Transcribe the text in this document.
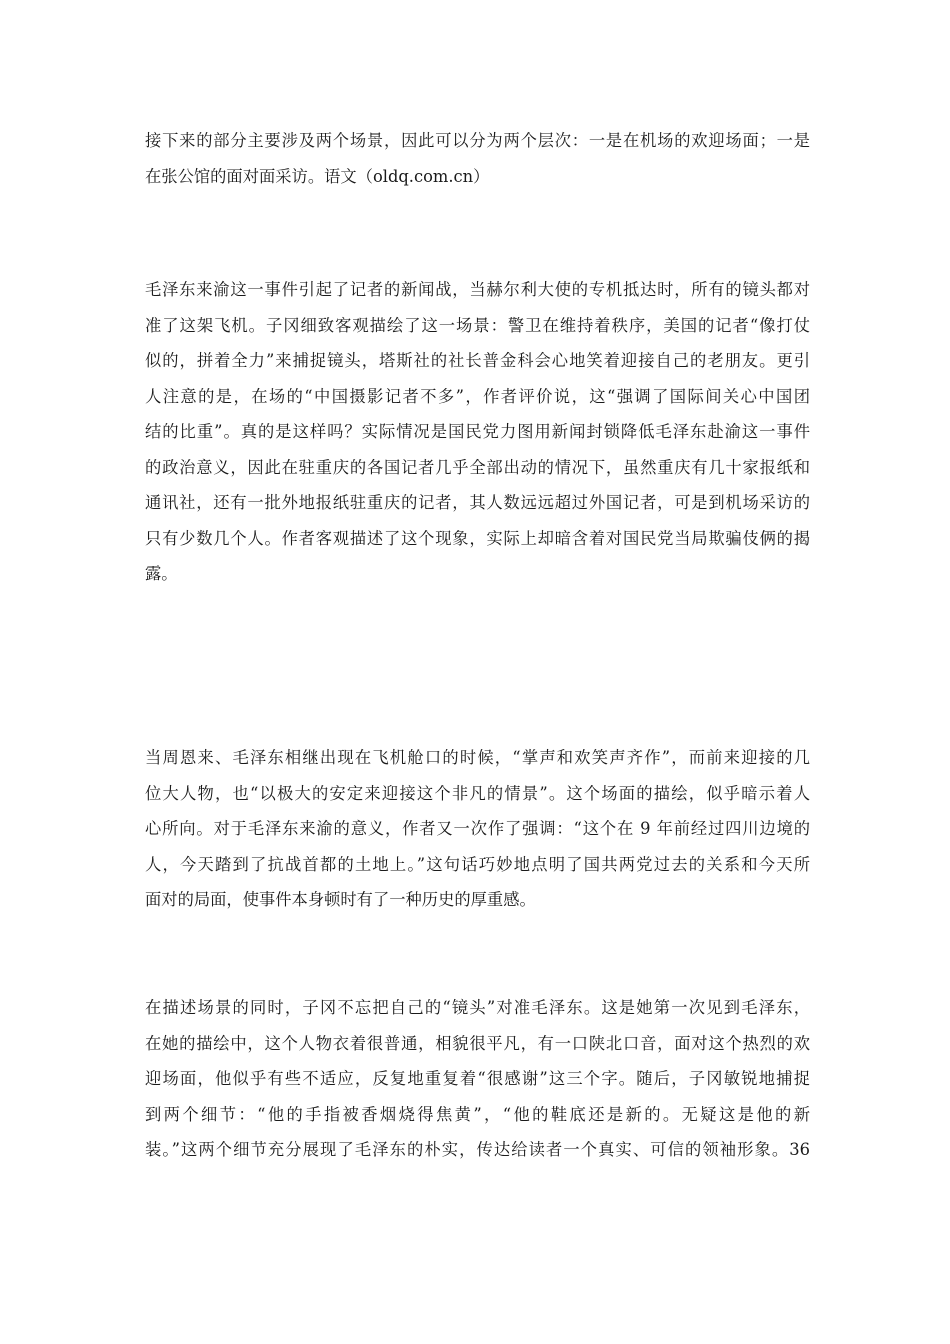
接下来的部分主要涉及两个场景，因此可以分为两个层次：一是在机场的欢迎场面；一是
在张公馆的面对面采访。语文（oldq.com.cn）
毛泽东来渝这一事件引起了记者的新闻战，当赫尔利大使的专机抵达时，所有的镜头都对
准了这架飞机。子冈细致客观描绘了这一场景：警卫在维持着秩序，美国的记者“像打仗
似的，拼着全力”来捕捉镜头，塔斯社的社长普金科会心地笑着迎接自己的老朋友。更引
人注意的是，在场的“中国摄影记者不多”，作者评价说，这“强调了国际间关心中国团
结的比重”。真的是这样吗？实际情况是国民党力图用新闻封锁降低毛泽东赴渝这一事件
的政治意义，因此在驻重庆的各国记者几乎全部出动的情况下，虽然重庆有几十家报纸和
通讯社，还有一批外地报纸驻重庆的记者，其人数远远超过外国记者，可是到机场采访的
只有少数几个人。作者客观描述了这个现象，实际上却暗含着对国民党当局欺骗伎俩的揭
露。
当周恩来、毛泽东相继出现在飞机舱口的时候，“掌声和欢笑声齐作”，而前来迎接的几
位大人物，也“以极大的安定来迎接这个非凡的情景”。这个场面的描绘，似乎暗示着人
心所向。对于毛泽东来渝的意义，作者又一次作了强调：“这个在 9 年前经过四川边境的
人，今天踏到了抗战首都的土地上。”这句话巧妙地点明了国共两党过去的关系和今天所
面对的局面，使事件本身顿时有了一种历史的厚重感。
在描述场景的同时，子冈不忘把自己的“镜头”对准毛泽东。这是她第一次见到毛泽东，
在她的描绘中，这个人物衣着很普通，相貌很平凡，有一口陕北口音，面对这个热烈的欢
迎场面，他似乎有些不适应，反复地重复着“很感谢”这三个字。随后，子冈敏锐地捕捉
到两个细节：“他的手指被香烟烧得焦黄”，“他的鞋底还是新的。无疑这是他的新
装。”这两个细节充分展现了毛泽东的朴实，传达给读者一个真实、可信的领袖形象。36
